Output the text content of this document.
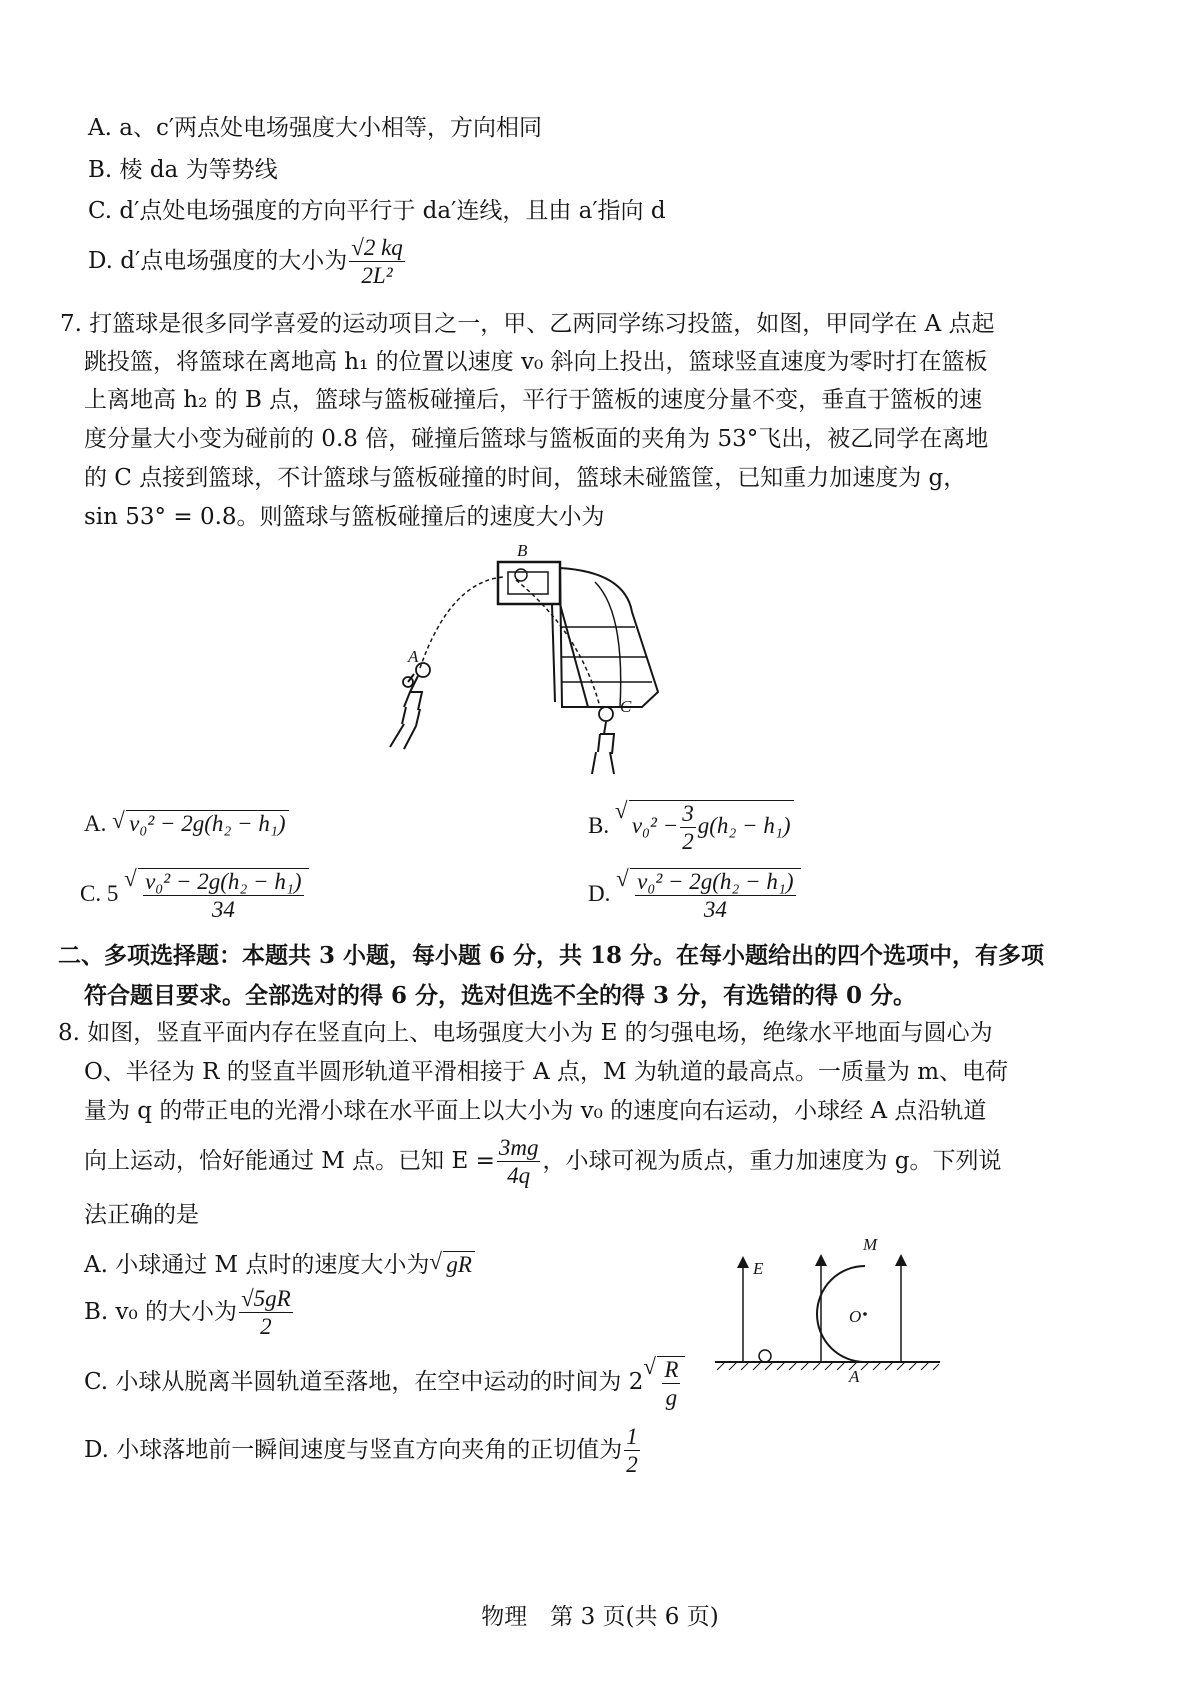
A. a、c′两点处电场强度大小相等，方向相同
B. 棱 da 为等势线
C. d′点处电场强度的方向平行于 da′连线，且由 a′指向 d
D. d′点电场强度的大小为 $\frac{√2 kq}{\text{2L²}}$
7. 打篮球是很多同学喜爱的运动项目之一，甲、乙两同学练习投篮，如图，甲同学在 A 点起
跳投篮，将篮球在离地高 h₁ 的位置以速度 v₀ 斜向上投出，篮球竖直速度为零时打在篮板
上离地高 h₂ 的 B 点，篮球与篮板碰撞后，平行于篮板的速度分量不变，垂直于篮板的速
度分量大小变为碰前的 0.8 倍，碰撞后篮球与篮板面的夹角为 53°飞出，被乙同学在离地
的 C 点接到篮球，不计篮球与篮板碰撞的时间，篮球未碰篮筐，已知重力加速度为 g，
sin 53° = 0.8。则篮球与篮板碰撞后的速度大小为
B
A
C
A. √ v₀² − 2g(h₂ − h₁)	B. √ $v_0^2 - \frac{3}{2} g(h_2 - h_1)$
C. 5 √ $\frac{\text{v₀² − 2g(h₂ − h₁)}}{34}$	D. √ $\frac{\text{v₀² − 2g(h₂ − h₁)}}{34}$
二、多项选择题：本题共 3 小题，每小题 6 分，共 18 分。在每小题给出的四个选项中，有多项
符合题目要求。全部选对的得 6 分，选对但选不全的得 3 分，有选错的得 0 分。
8. 如图，竖直平面内存在竖直向上、电场强度大小为 E 的匀强电场，绝缘水平地面与圆心为
O、半径为 R 的竖直半圆形轨道平滑相接于 A 点，M 为轨道的最高点。一质量为 m、电荷
量为 q 的带正电的光滑小球在水平面上以大小为 v₀ 的速度向右运动，小球经 A 点沿轨道
向上运动，恰好能通过 M 点。已知 $E = \frac{3mg}{4q}$ ，小球可视为质点，重力加速度为 g。下列说
法正确的是
A. 小球通过 M 点时的速度大小为 √ gR
B. v₀ 的大小为 $\frac{√5gR}{2}$
C. 小球从脱离半圆轨道至落地，在空中运动的时间为 2 √ $\frac{R}{g}$
D. 小球落地前一瞬间速度与竖直方向夹角的正切值为 $\frac{1}{2}$
E
O
M
A
物理　第 3 页(共 6 页)
